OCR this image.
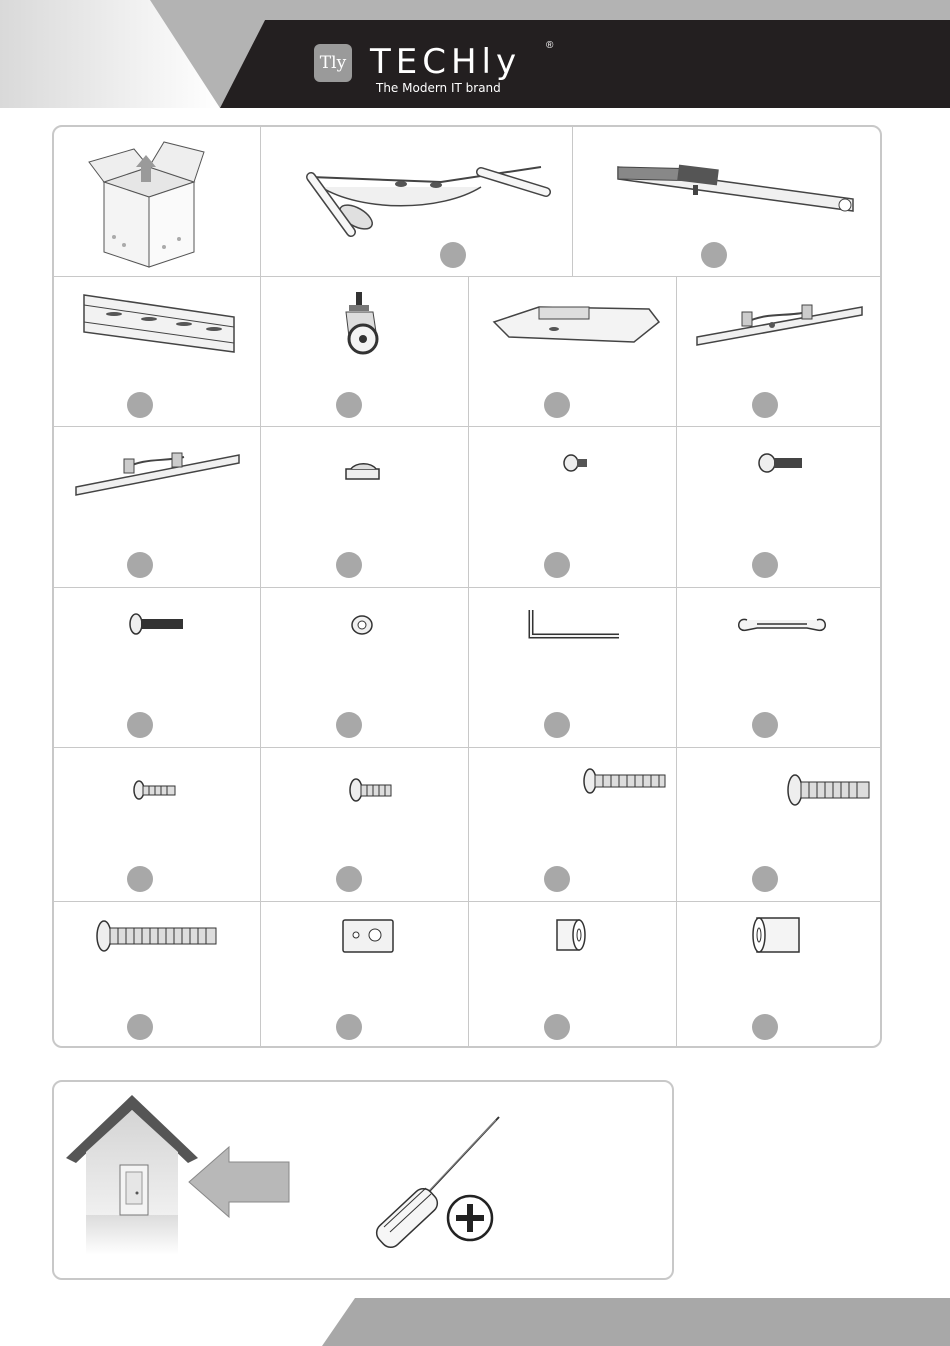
Tly TECHly ®
The Modern IT brand
